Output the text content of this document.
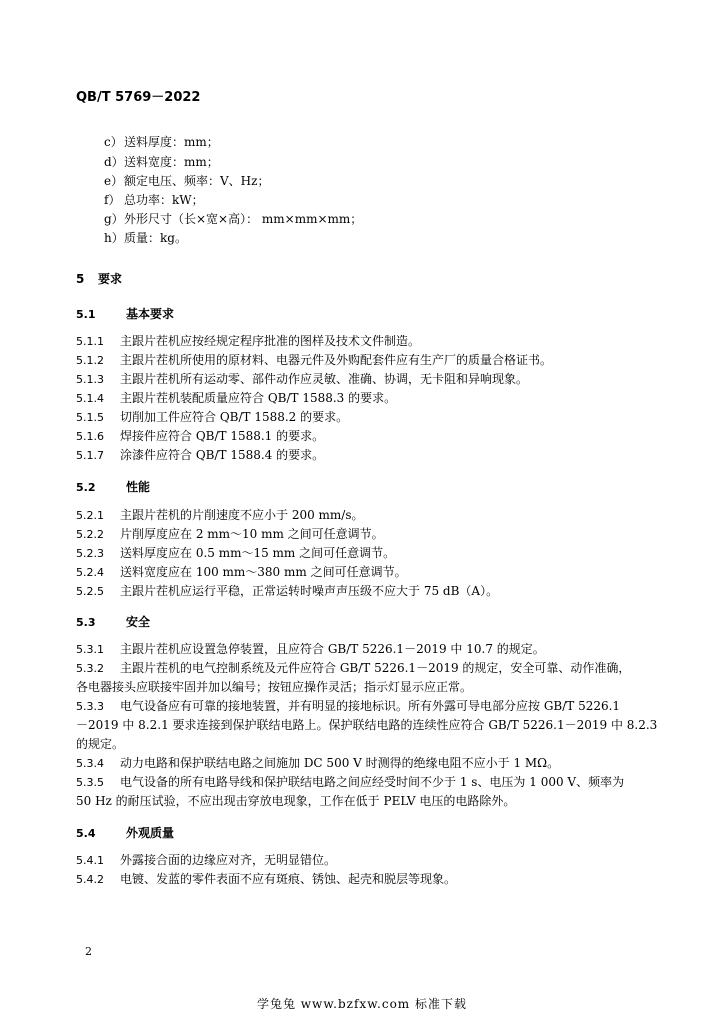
QB/T 5769－2022
c）送料厚度：mm；
d）送料宽度：mm；
e）额定电压、频率：V、Hz；
f） 总功率：kW；
g）外形尺寸（长×宽×高）： mm×mm×mm；
h）质量：kg。
5 要求
5.1	基本要求
5.1.1 主跟片茬机应按经规定程序批准的图样及技术文件制造。
5.1.2 主跟片茬机所使用的原材料、电器元件及外购配套件应有生产厂的质量合格证书。
5.1.3 主跟片茬机所有运动零、部件动作应灵敏、准确、协调，无卡阻和异响现象。
5.1.4 主跟片茬机装配质量应符合 QB/T 1588.3 的要求。
5.1.5 切削加工件应符合 QB/T 1588.2 的要求。
5.1.6 焊接件应符合 QB/T 1588.1 的要求。
5.1.7 涂漆件应符合 QB/T 1588.4 的要求。
5.2	性能
5.2.1 主跟片茬机的片削速度不应小于 200 mm/s。
5.2.2 片削厚度应在 2 mm～10 mm 之间可任意调节。
5.2.3 送料厚度应在 0.5 mm～15 mm 之间可任意调节。
5.2.4 送料宽度应在 100 mm～380 mm 之间可任意调节。
5.2.5 主跟片茬机应运行平稳，正常运转时噪声声压级不应大于 75 dB（A）。
5.3	安全
5.3.1 主跟片茬机应设置急停装置，且应符合 GB/T 5226.1－2019 中 10.7 的规定。
5.3.2 主跟片茬机的电气控制系统及元件应符合 GB/T 5226.1－2019 的规定，安全可靠、动作准确，
各电器接头应联接牢固并加以编号；按钮应操作灵活；指示灯显示应正常。
5.3.3 电气设备应有可靠的接地装置，并有明显的接地标识。所有外露可导电部分应按 GB/T 5226.1
－2019 中 8.2.1 要求连接到保护联结电路上。保护联结电路的连续性应符合 GB/T 5226.1－2019 中 8.2.3
的规定。
5.3.4 动力电路和保护联结电路之间施加 DC 500 V 时测得的绝缘电阻不应小于 1 MΩ。
5.3.5 电气设备的所有电路导线和保护联结电路之间应经受时间不少于 1 s、电压为 1 000 V、频率为
50 Hz 的耐压试验，不应出现击穿放电现象，工作在低于 PELV 电压的电路除外。
5.4	外观质量
5.4.1 外露接合面的边缘应对齐，无明显错位。
5.4.2 电镀、发蓝的零件表面不应有斑痕、锈蚀、起壳和脱层等现象。
2
学兔兔 www.bzfxw.com 标准下载
